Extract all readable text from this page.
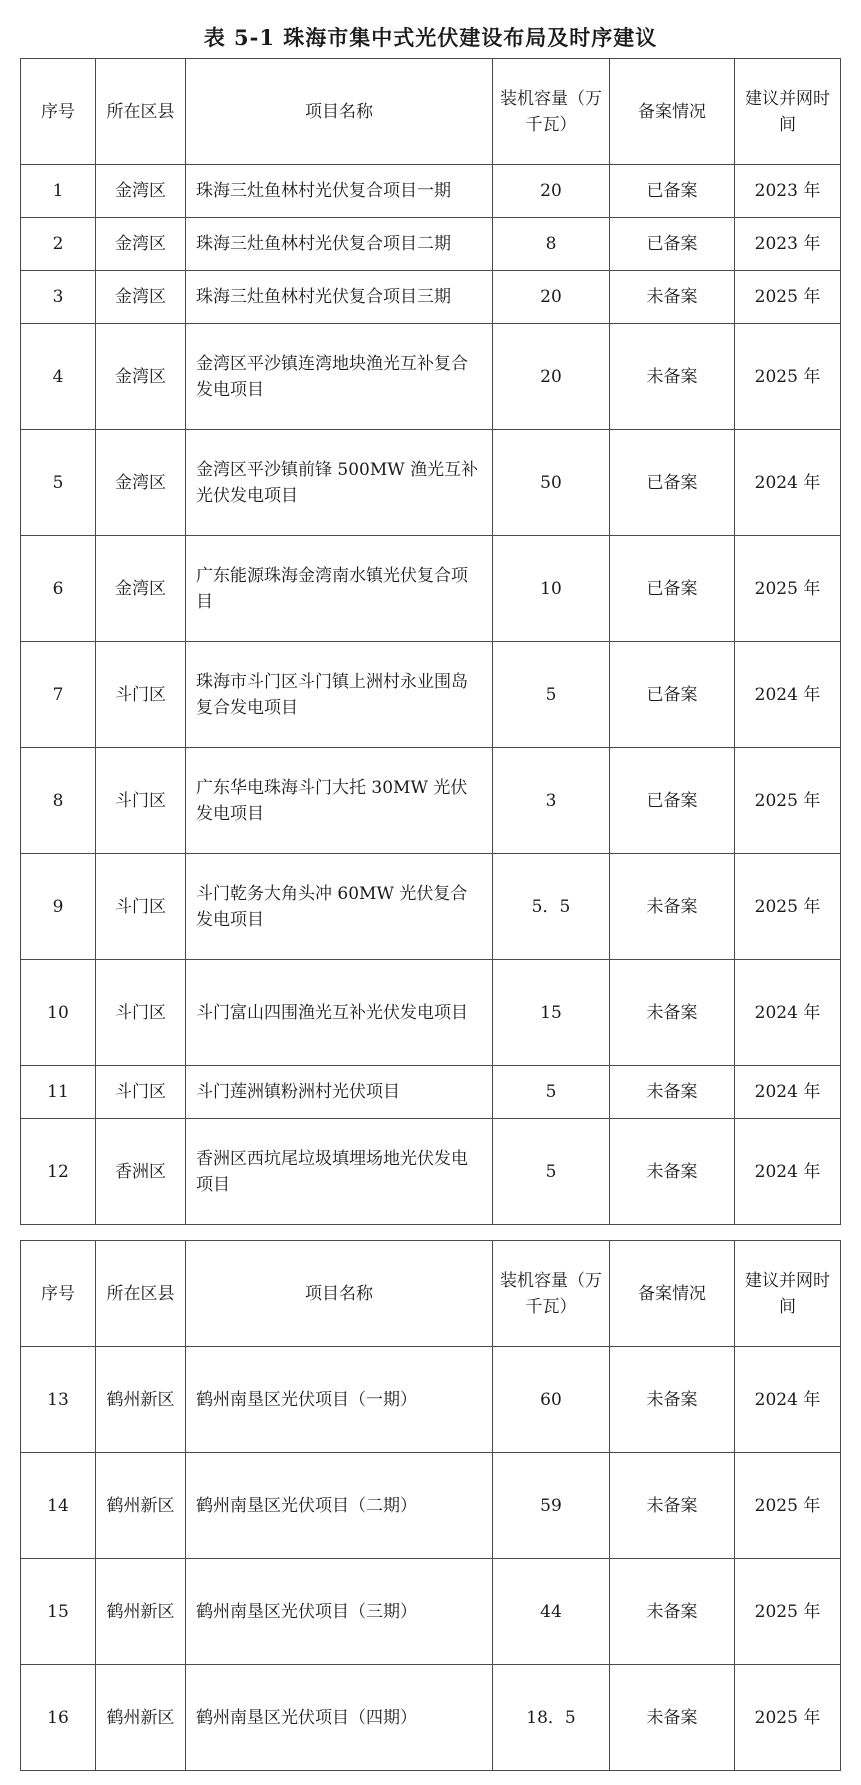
表 5-1 珠海市集中式光伏建设布局及时序建议
序号	所在区县	项目名称	装机容量（万千瓦）	备案情况	建议并网时间
1	金湾区	珠海三灶鱼林村光伏复合项目一期	20	已备案	2023 年
2	金湾区	珠海三灶鱼林村光伏复合项目二期	8	已备案	2023 年
3	金湾区	珠海三灶鱼林村光伏复合项目三期	20	未备案	2025 年
4	金湾区	金湾区平沙镇连湾地块渔光互补复合发电项目	20	未备案	2025 年
5	金湾区	金湾区平沙镇前锋 500MW 渔光互补光伏发电项目	50	已备案	2024 年
6	金湾区	广东能源珠海金湾南水镇光伏复合项目	10	已备案	2025 年
7	斗门区	珠海市斗门区斗门镇上洲村永业围岛复合发电项目	5	已备案	2024 年
8	斗门区	广东华电珠海斗门大托 30MW 光伏发电项目	3	已备案	2025 年
9	斗门区	斗门乾务大角头冲 60MW 光伏复合发电项目	5．5	未备案	2025 年
10	斗门区	斗门富山四围渔光互补光伏发电项目	15	未备案	2024 年
11	斗门区	斗门莲洲镇粉洲村光伏项目	5	未备案	2024 年
12	香洲区	香洲区西坑尾垃圾填埋场地光伏发电项目	5	未备案	2024 年
序号	所在区县	项目名称	装机容量（万千瓦）	备案情况	建议并网时间
13	鹤州新区	鹤州南垦区光伏项目（一期）	60	未备案	2024 年
14	鹤州新区	鹤州南垦区光伏项目（二期）	59	未备案	2025 年
15	鹤州新区	鹤州南垦区光伏项目（三期）	44	未备案	2025 年
16	鹤州新区	鹤州南垦区光伏项目（四期）	18．5	未备案	2025 年
